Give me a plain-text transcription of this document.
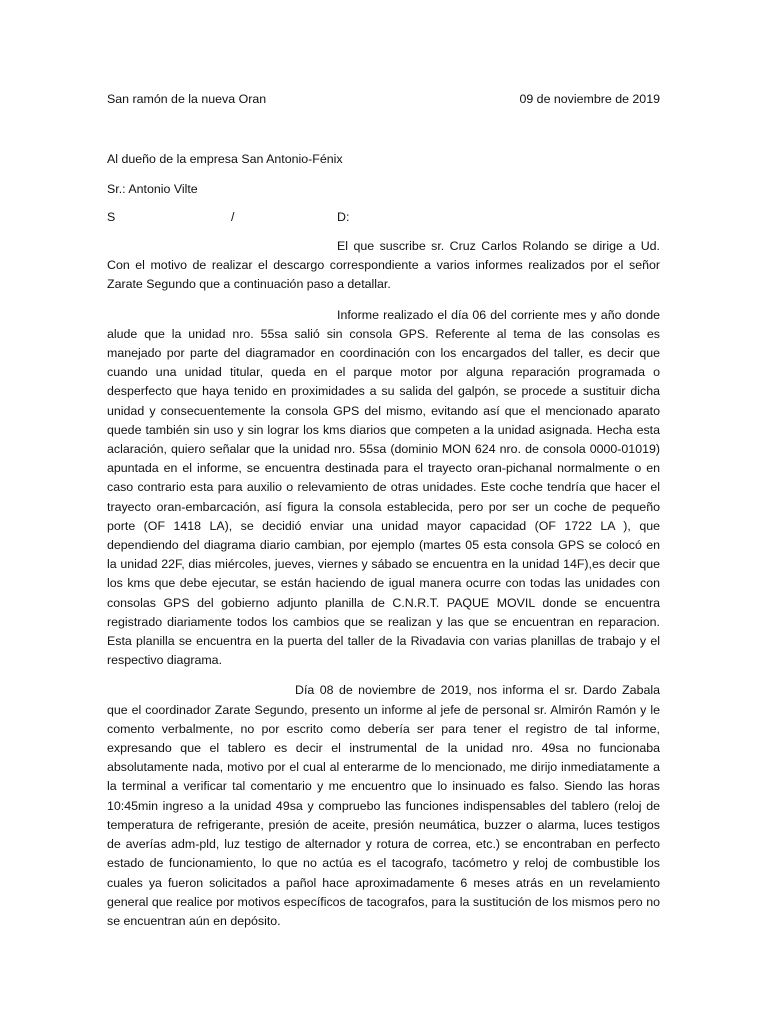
San ramón de la nueva Oran	09 de noviembre de 2019
Al dueño de la empresa San Antonio-Fénix
Sr.: Antonio Vilte
S	/	D:

El que suscribe sr. Cruz Carlos Rolando se dirige a Ud. Con el motivo de realizar el descargo correspondiente a varios informes realizados por el señor Zarate Segundo que a continuación paso a detallar.

Informe realizado el día 06 del corriente mes y año donde alude que la unidad nro. 55sa salió sin consola GPS. Referente al tema de las consolas es manejado por parte del diagramador en coordinación con los encargados del taller, es decir que cuando una unidad titular, queda en el parque motor por alguna reparación programada o desperfecto que haya tenido en proximidades a su salida del galpón, se procede a sustituir dicha unidad y consecuentemente la consola GPS del mismo, evitando así que el mencionado aparato quede también sin uso y sin lograr los kms diarios que competen a la unidad asignada. Hecha esta aclaración, quiero señalar que la unidad nro. 55sa (dominio MON 624 nro. de consola 0000-01019) apuntada en el informe, se encuentra destinada para el trayecto oran-pichanal normalmente o en caso contrario esta para auxilio o relevamiento de otras unidades. Este coche tendría que hacer el trayecto oran-embarcación, así figura la consola establecida, pero por ser un coche de pequeño porte (OF 1418 LA), se decidió enviar una unidad mayor capacidad (OF 1722 LA ), que dependiendo del diagrama diario cambian, por ejemplo (martes 05 esta consola GPS se colocó en la unidad 22F, dias miércoles, jueves, viernes y sábado se encuentra en la unidad 14F),es decir que los kms que debe ejecutar, se están haciendo de igual manera ocurre con todas las unidades con consolas GPS del gobierno adjunto planilla de C.N.R.T. PAQUE MOVIL donde se encuentra registrado diariamente todos los cambios que se realizan y las que se encuentran en reparacion. Esta planilla se encuentra en la puerta del taller de la Rivadavia con varias planillas de trabajo y el respectivo diagrama.

Día 08 de noviembre de 2019, nos informa el sr. Dardo Zabala que el coordinador Zarate Segundo, presento un informe al jefe de personal sr. Almirón Ramón y le comento verbalmente, no por escrito como debería ser para tener el registro de tal informe, expresando que el tablero es decir el instrumental de la unidad nro. 49sa no funcionaba absolutamente nada, motivo por el cual al enterarme de lo mencionado, me dirijo inmediatamente a la terminal a verificar tal comentario y me encuentro que lo insinuado es falso. Siendo las horas 10:45min ingreso a la unidad 49sa y compruebo las funciones indispensables del tablero (reloj de temperatura de refrigerante, presión de aceite, presión neumática, buzzer o alarma, luces testigos de averías adm-pld, luz testigo de alternador y rotura de correa, etc.) se encontraban en perfecto estado de funcionamiento, lo que no actúa es el tacografo, tacómetro y reloj de combustible los cuales ya fueron solicitados a pañol hace aproximadamente 6 meses atrás en un revelamiento general que realice por motivos específicos de tacografos, para la sustitución de los mismos pero no se encuentran aún en depósito.
